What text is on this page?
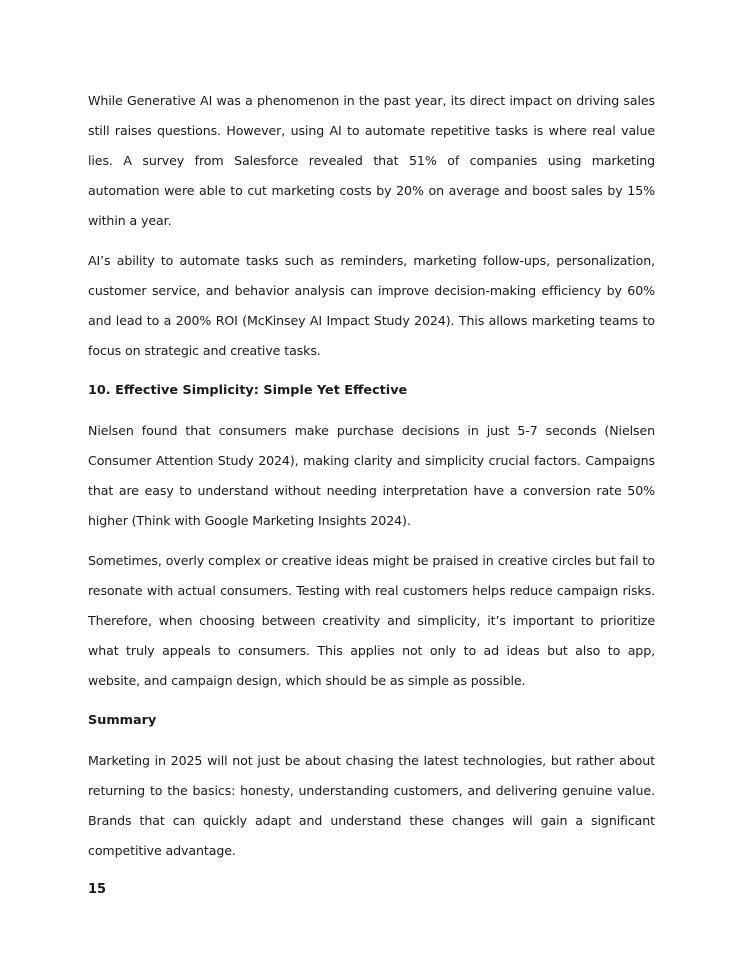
While Generative AI was a phenomenon in the past year, its direct impact on driving sales still raises questions. However, using AI to automate repetitive tasks is where real value lies. A survey from Salesforce revealed that 51% of companies using marketing automation were able to cut marketing costs by 20% on average and boost sales by 15% within a year.

AI’s ability to automate tasks such as reminders, marketing follow-ups, personalization, customer service, and behavior analysis can improve decision-making efficiency by 60% and lead to a 200% ROI (McKinsey AI Impact Study 2024). This allows marketing teams to focus on strategic and creative tasks.

10. Effective Simplicity: Simple Yet Effective

Nielsen found that consumers make purchase decisions in just 5-7 seconds (Nielsen Consumer Attention Study 2024), making clarity and simplicity crucial factors. Campaigns that are easy to understand without needing interpretation have a conversion rate 50% higher (Think with Google Marketing Insights 2024).

Sometimes, overly complex or creative ideas might be praised in creative circles but fail to resonate with actual consumers. Testing with real customers helps reduce campaign risks. Therefore, when choosing between creativity and simplicity, it’s important to prioritize what truly appeals to consumers. This applies not only to ad ideas but also to app, website, and campaign design, which should be as simple as possible.

Summary

Marketing in 2025 will not just be about chasing the latest technologies, but rather about returning to the basics: honesty, understanding customers, and delivering genuine value. Brands that can quickly adapt and understand these changes will gain a significant competitive advantage.

15
